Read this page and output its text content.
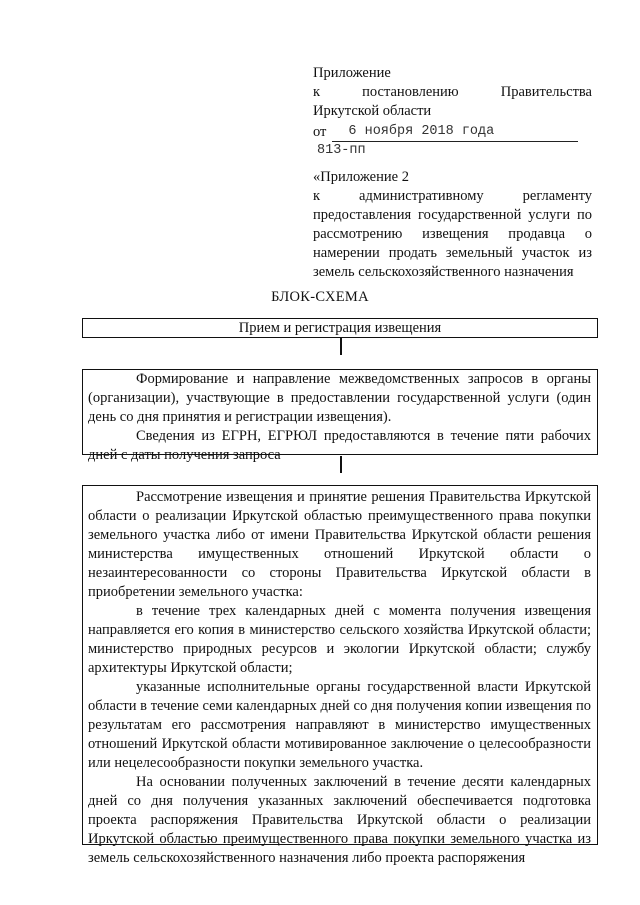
Приложение
к	постановлению	Правительства
Иркутской области
от	6 ноября 2018 года
813-пп
«Приложение 2
к	административному	регламенту
предоставления государственной услуги по рассмотрению извещения продавца о намерении продать земельный участок из земель сельскохозяйственного назначения
БЛОК-СХЕМА
Прием и регистрация извещения

Формирование и направление межведомственных запросов в органы (организации), участвующие в предоставлении государственной услуги (один день со дня принятия и регистрации извещения).

Сведения из ЕГРН, ЕГРЮЛ предоставляются в течение пяти рабочих дней с даты получения запроса

Рассмотрение извещения и принятие решения Правительства Иркутской области о реализации Иркутской областью преимущественного права покупки земельного участка либо от имени Правительства Иркутской области решения министерства имущественных отношений Иркутской области о незаинтересованности со стороны Правительства Иркутской области в приобретении земельного участка:

в течение трех календарных дней с момента получения извещения направляется его копия в министерство сельского хозяйства Иркутской области; министерство природных ресурсов и экологии Иркутской области; службу архитектуры Иркутской области;

указанные исполнительные органы государственной власти Иркутской области в течение семи календарных дней со дня получения копии извещения по результатам его рассмотрения направляют в министерство имущественных отношений Иркутской области мотивированное заключение о целесообразности или нецелесообразности покупки земельного участка.

На основании полученных заключений в течение десяти календарных дней со дня получения указанных заключений обеспечивается подготовка проекта распоряжения Правительства Иркутской области о реализации Иркутской областью преимущественного права покупки земельного участка из земель сельскохозяйственного назначения либо проекта распоряжения
